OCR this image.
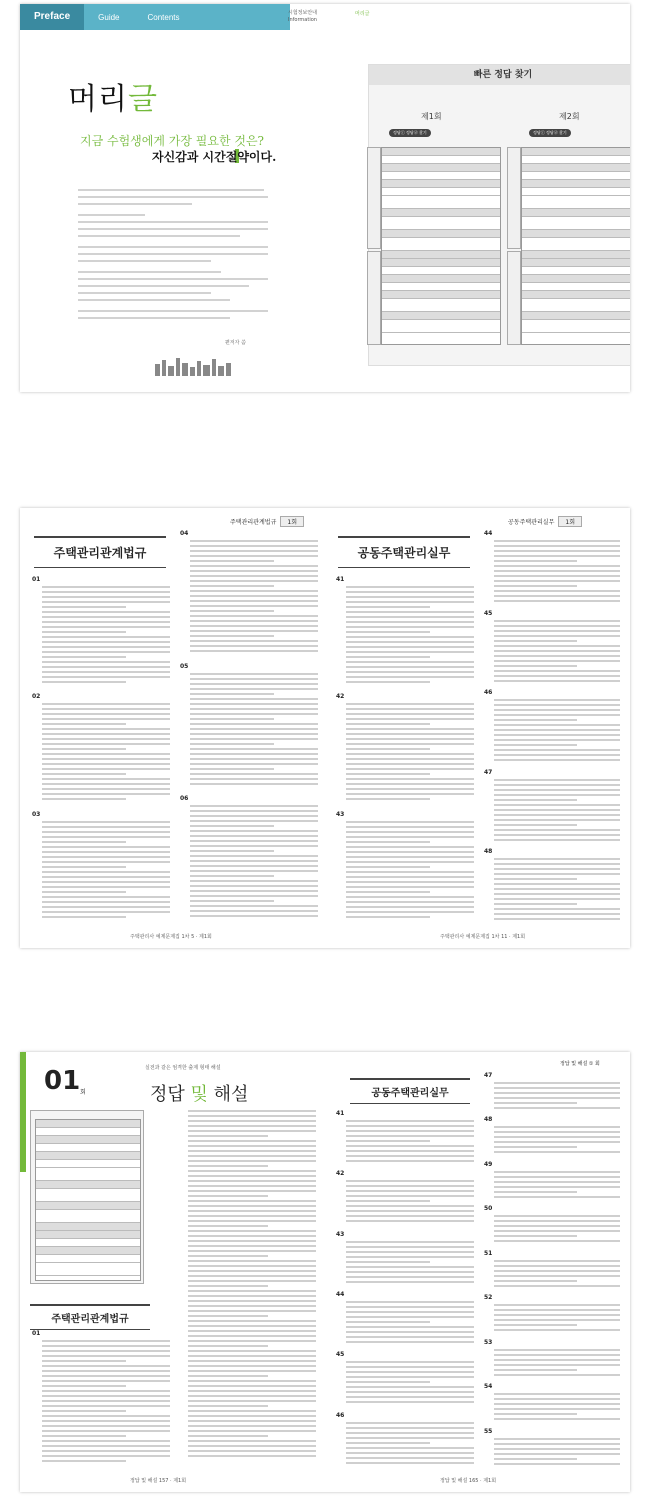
Preface	Guide	Contents	시험정보안내
Information
머리글
머리글
지금 수험생에게 가장 필요한 것은?
자신감과 시간절약이다.
편저자 씀
빠른 정답 찾기
제1회	제2회
정답ⓒ 정답ⓓ 찾기	정답ⓒ 정답ⓓ 찾기
주택관리관계법규	1회	공동주택관리실무	1회
주택관리관계법규	공동주택관리실무
01
02
03
04
05
06
41
42
43
44
45
46
47
48
주택관리사 예제문제집 1차 5 · 제1회	주택관리사 예제문제집 1차 11 · 제1회
실전과 같은 엄격한 출제 형태 해설
01 회	정답 및 해설
정답 및 해설 ① 회
주택관리관계법규
공동주택관리실무
01
41
42
43
44
45
46
47
48
49
50
51
52
53
54
55
정답 및 해설 157 · 제1회	정답 및 해설 165 · 제1회
